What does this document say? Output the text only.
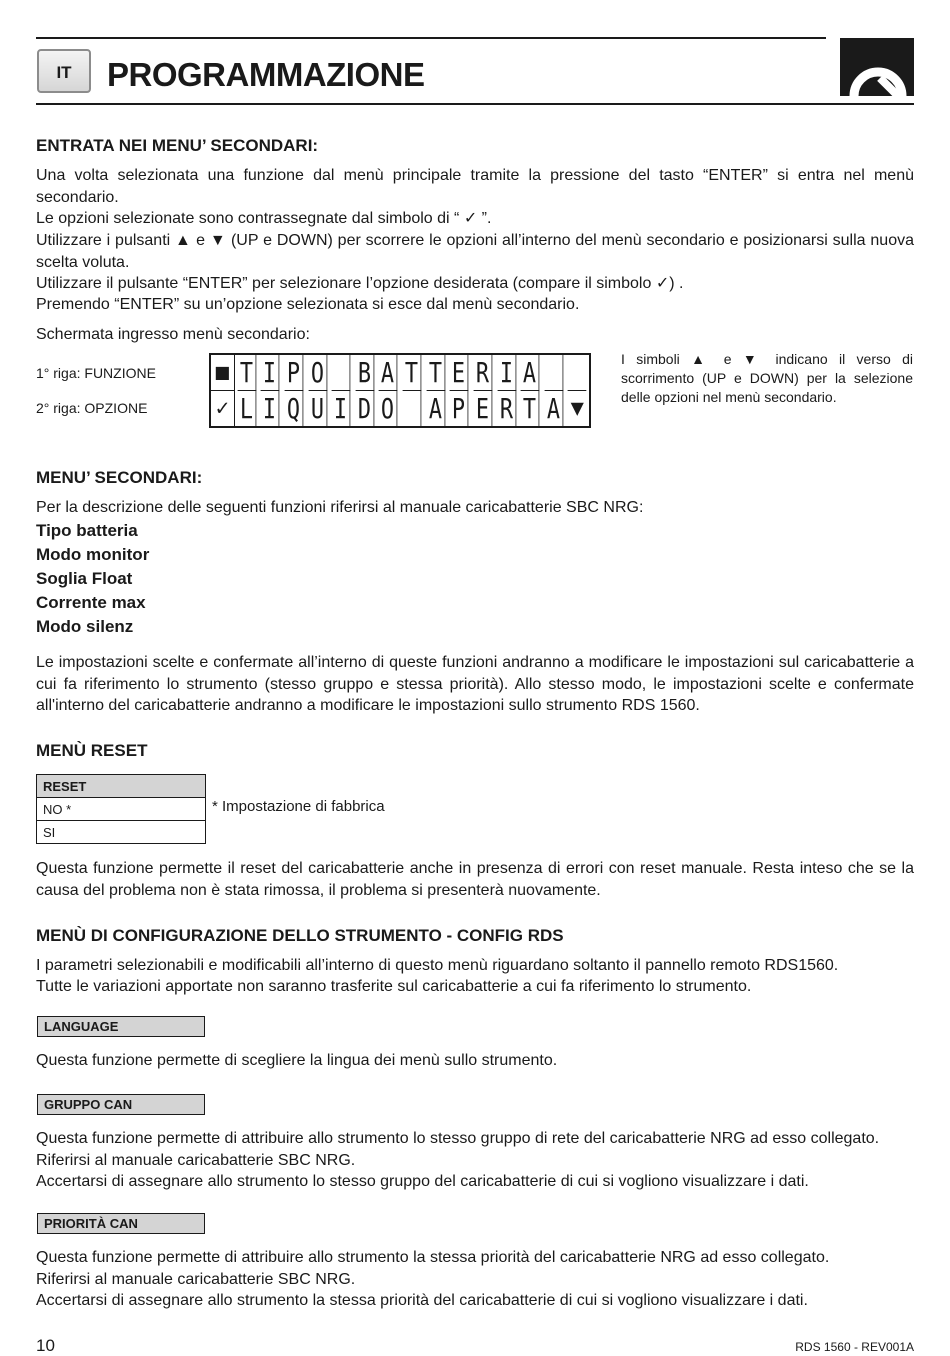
IT PROGRAMMAZIONE
ENTRATA NEI MENU’ SECONDARI:
Una volta selezionata una funzione dal menù principale tramite la pressione del tasto “ENTER” si entra nel menù secondario.
Le opzioni selezionate sono contrassegnate dal simbolo di “ ✓ ”.
Utilizzare i pulsanti ▲ e ▼ (UP e DOWN) per scorrere le opzioni all’interno del menù secondario e posizionarsi sulla nuova scelta voluta.
Utilizzare il pulsante “ENTER” per selezionare l’opzione desiderata (compare il simbolo ✓) .
Premendo “ENTER” su un’opzione selezionata si esce dal menù secondario.
Schermata ingresso menù secondario:
1° riga: FUNZIONE
2° riga: OPZIONE
■ T I P O B A T T E R I A
✓ L I Q U I D O A P E R T A ▼
I simboli ▲ e ▼ indicano il verso di scorrimento (UP e DOWN) per la selezione delle opzioni nel menù secondario.
MENU’ SECONDARI:
Per la descrizione delle seguenti funzioni riferirsi al manuale caricabatterie SBC NRG:
Tipo batteria
Modo monitor
Soglia Float
Corrente max
Modo silenz
Le impostazioni scelte e confermate all’interno di queste funzioni andranno a modificare le impostazioni sul caricabatterie a cui fa riferimento lo strumento (stesso gruppo e stessa priorità). Allo stesso modo, le impostazioni scelte e confermate all'interno del caricabatterie andranno a modificare le impostazioni sullo strumento RDS 1560.
MENÙ RESET
RESET
NO *
SI
* Impostazione di fabbrica
Questa funzione permette il reset del caricabatterie anche in presenza di errori con reset manuale. Resta inteso che se la causa del problema non è stata rimossa, il problema si presenterà nuovamente.
MENÙ DI CONFIGURAZIONE DELLO STRUMENTO - CONFIG RDS
I parametri selezionabili e modificabili all’interno di questo menù riguardano soltanto il pannello remoto RDS1560.
Tutte le variazioni apportate non saranno trasferite sul caricabatterie a cui fa riferimento lo strumento.
LANGUAGE
Questa funzione permette di scegliere la lingua dei menù sullo strumento.
GRUPPO CAN
Questa funzione permette di attribuire allo strumento lo stesso gruppo di rete del caricabatterie NRG ad esso collegato.
Riferirsi al manuale caricabatterie SBC NRG.
Accertarsi di assegnare allo strumento lo stesso gruppo del caricabatterie di cui si vogliono visualizzare i dati.
PRIORITÀ CAN
Questa funzione permette di attribuire allo strumento la stessa priorità del caricabatterie NRG ad esso collegato.
Riferirsi al manuale caricabatterie SBC NRG.
Accertarsi di assegnare allo strumento la stessa priorità del caricabatterie di cui si vogliono visualizzare i dati.
10	RDS 1560 - REV001A
